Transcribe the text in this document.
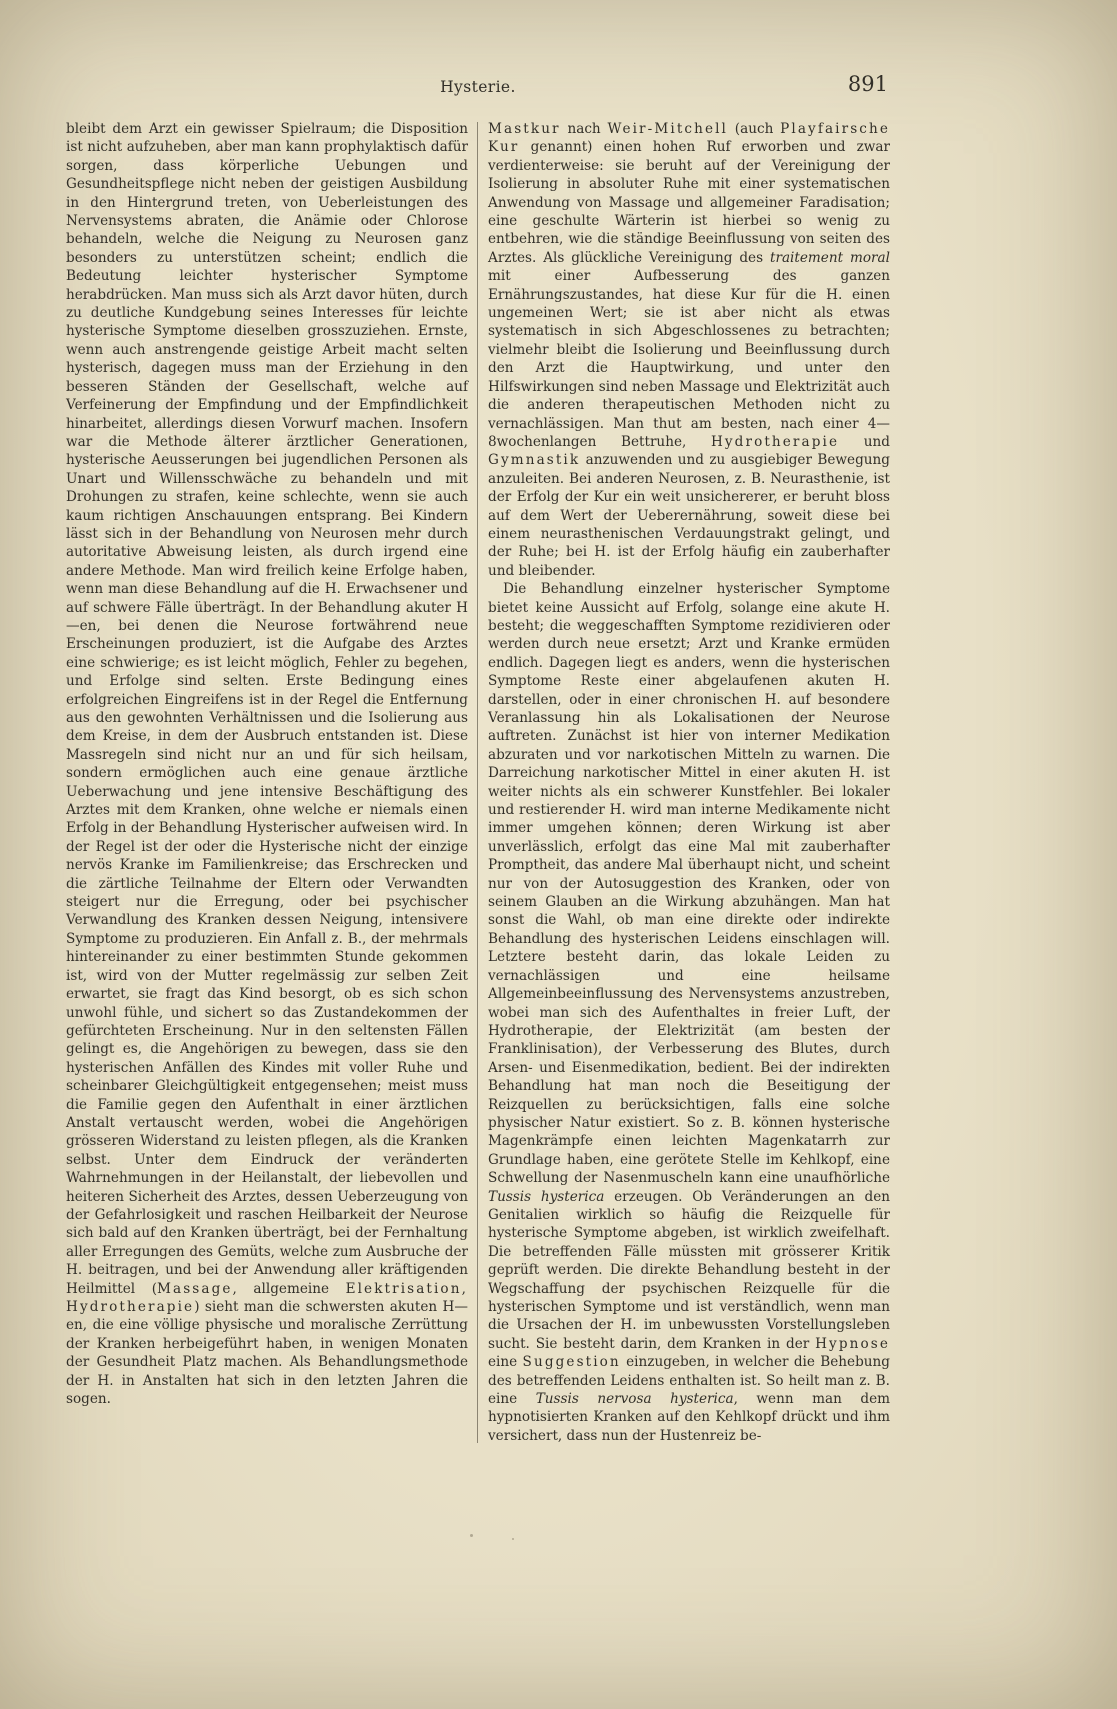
Hysterie.	891

bleibt dem Arzt ein gewisser Spielraum; die Disposition ist nicht aufzuheben, aber man kann prophylaktisch dafür sorgen, dass körperliche Uebungen und Gesundheitspflege nicht neben der geistigen Ausbildung in den Hintergrund treten, von Ueberleistungen des Nervensystems abraten, die Anämie oder Chlorose behandeln, welche die Neigung zu Neurosen ganz besonders zu unterstützen scheint; endlich die Bedeutung leichter hysterischer Symptome herabdrücken. Man muss sich als Arzt davor hüten, durch zu deutliche Kundgebung seines Interesses für leichte hysterische Symptome dieselben grosszuziehen. Ernste, wenn auch anstrengende geistige Arbeit macht selten hysterisch, dagegen muss man der Erziehung in den besseren Ständen der Gesellschaft, welche auf Verfeinerung der Empfindung und der Empfindlichkeit hinarbeitet, allerdings diesen Vorwurf machen. Insofern war die Methode älterer ärztlicher Generationen, hysterische Aeusserungen bei jugendlichen Personen als Unart und Willensschwäche zu behandeln und mit Drohungen zu strafen, keine schlechte, wenn sie auch kaum richtigen Anschauungen entsprang. Bei Kindern lässt sich in der Behandlung von Neurosen mehr durch autoritative Abweisung leisten, als durch irgend eine andere Methode. Man wird freilich keine Erfolge haben, wenn man diese Behandlung auf die H. Erwachsener und auf schwere Fälle überträgt. In der Behandlung akuter H—en, bei denen die Neurose fortwährend neue Erscheinungen produziert, ist die Aufgabe des Arztes eine schwierige; es ist leicht möglich, Fehler zu begehen, und Erfolge sind selten. Erste Bedingung eines erfolgreichen Eingreifens ist in der Regel die Entfernung aus den gewohnten Verhältnissen und die Isolierung aus dem Kreise, in dem der Ausbruch entstanden ist. Diese Massregeln sind nicht nur an und für sich heilsam, sondern ermöglichen auch eine genaue ärztliche Ueberwachung und jene intensive Beschäftigung des Arztes mit dem Kranken, ohne welche er niemals einen Erfolg in der Behandlung Hysterischer aufweisen wird. In der Regel ist der oder die Hysterische nicht der einzige nervös Kranke im Familienkreise; das Erschrecken und die zärtliche Teilnahme der Eltern oder Verwandten steigert nur die Erregung, oder bei psychischer Verwandlung des Kranken dessen Neigung, intensivere Symptome zu produzieren. Ein Anfall z. B., der mehrmals hintereinander zu einer bestimmten Stunde gekommen ist, wird von der Mutter regelmässig zur selben Zeit erwartet, sie fragt das Kind besorgt, ob es sich schon unwohl fühle, und sichert so das Zustandekommen der gefürchteten Erscheinung. Nur in den seltensten Fällen gelingt es, die Angehörigen zu bewegen, dass sie den hysterischen Anfällen des Kindes mit voller Ruhe und scheinbarer Gleichgültigkeit entgegensehen; meist muss die Familie gegen den Aufenthalt in einer ärztlichen Anstalt vertauscht werden, wobei die Angehörigen grösseren Widerstand zu leisten pflegen, als die Kranken selbst. Unter dem Eindruck der veränderten Wahrnehmungen in der Heilanstalt, der liebevollen und heiteren Sicherheit des Arztes, dessen Ueberzeugung von der Gefahrlosigkeit und raschen Heilbarkeit der Neurose sich bald auf den Kranken überträgt, bei der Fernhaltung aller Erregungen des Gemüts, welche zum Ausbruche der H. beitragen, und bei der Anwendung aller kräftigenden Heilmittel (Massage, allgemeine Elektrisation, Hydrotherapie) sieht man die schwersten akuten H—en, die eine völlige physische und moralische Zerrüttung der Kranken herbeigeführt haben, in wenigen Monaten der Gesundheit Platz machen. Als Behandlungsmethode der H. in Anstalten hat sich in den letzten Jahren die sogen.

Mastkur nach Weir-Mitchell (auch Playfairsche Kur genannt) einen hohen Ruf erworben und zwar verdienterweise: sie beruht auf der Vereinigung der Isolierung in absoluter Ruhe mit einer systematischen Anwendung von Massage und allgemeiner Faradisation; eine geschulte Wärterin ist hierbei so wenig zu entbehren, wie die ständige Beeinflussung von seiten des Arztes. Als glückliche Vereinigung des traitement moral mit einer Aufbesserung des ganzen Ernährungszustandes, hat diese Kur für die H. einen ungemeinen Wert; sie ist aber nicht als etwas systematisch in sich Abgeschlossenes zu betrachten; vielmehr bleibt die Isolierung und Beeinflussung durch den Arzt die Hauptwirkung, und unter den Hilfswirkungen sind neben Massage und Elektrizität auch die anderen therapeutischen Methoden nicht zu vernachlässigen. Man thut am besten, nach einer 4—8wochenlangen Bettruhe, Hydrotherapie und Gymnastik anzuwenden und zu ausgiebiger Bewegung anzuleiten. Bei anderen Neurosen, z. B. Neurasthenie, ist der Erfolg der Kur ein weit unsichererer, er beruht bloss auf dem Wert der Ueberernährung, soweit diese bei einem neurasthenischen Verdauungstrakt gelingt, und der Ruhe; bei H. ist der Erfolg häufig ein zauberhafter und bleibender.

Die Behandlung einzelner hysterischer Symptome bietet keine Aussicht auf Erfolg, solange eine akute H. besteht; die weggeschafften Symptome rezidivieren oder werden durch neue ersetzt; Arzt und Kranke ermüden endlich. Dagegen liegt es anders, wenn die hysterischen Symptome Reste einer abgelaufenen akuten H. darstellen, oder in einer chronischen H. auf besondere Veranlassung hin als Lokalisationen der Neurose auftreten. Zunächst ist hier von interner Medikation abzuraten und vor narkotischen Mitteln zu warnen. Die Darreichung narkotischer Mittel in einer akuten H. ist weiter nichts als ein schwerer Kunstfehler. Bei lokaler und restierender H. wird man interne Medikamente nicht immer umgehen können; deren Wirkung ist aber unverlässlich, erfolgt das eine Mal mit zauberhafter Promptheit, das andere Mal überhaupt nicht, und scheint nur von der Autosuggestion des Kranken, oder von seinem Glauben an die Wirkung abzuhängen. Man hat sonst die Wahl, ob man eine direkte oder indirekte Behandlung des hysterischen Leidens einschlagen will. Letztere besteht darin, das lokale Leiden zu vernachlässigen und eine heilsame Allgemeinbeeinflussung des Nervensystems anzustreben, wobei man sich des Aufenthaltes in freier Luft, der Hydrotherapie, der Elektrizität (am besten der Franklinisation), der Verbesserung des Blutes, durch Arsen- und Eisenmedikation, bedient. Bei der indirekten Behandlung hat man noch die Beseitigung der Reizquellen zu berücksichtigen, falls eine solche physischer Natur existiert. So z. B. können hysterische Magenkrämpfe einen leichten Magenkatarrh zur Grundlage haben, eine gerötete Stelle im Kehlkopf, eine Schwellung der Nasenmuscheln kann eine unaufhörliche Tussis hysterica erzeugen. Ob Veränderungen an den Genitalien wirklich so häufig die Reizquelle für hysterische Symptome abgeben, ist wirklich zweifelhaft. Die betreffenden Fälle müssten mit grösserer Kritik geprüft werden. Die direkte Behandlung besteht in der Wegschaffung der psychischen Reizquelle für die hysterischen Symptome und ist verständlich, wenn man die Ursachen der H. im unbewussten Vorstellungsleben sucht. Sie besteht darin, dem Kranken in der Hypnose eine Suggestion einzugeben, in welcher die Behebung des betreffenden Leidens enthalten ist. So heilt man z. B. eine Tussis nervosa hysterica, wenn man dem hypnotisierten Kranken auf den Kehlkopf drückt und ihm versichert, dass nun der Hustenreiz be-
